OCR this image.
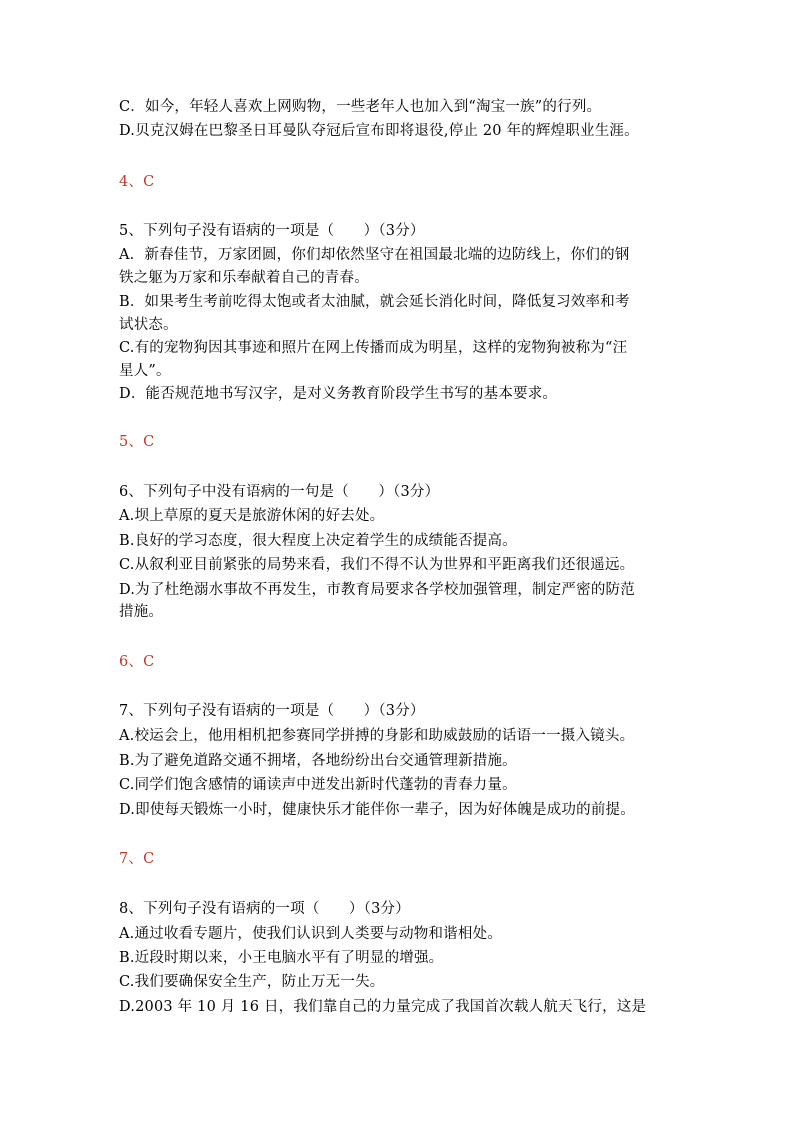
C．如今，年轻人喜欢上网购物，一些老年人也加入到“淘宝一族”的行列。
D.贝克汉姆在巴黎圣日耳曼队夺冠后宣布即将退役,停止 20 年的辉煌职业生涯。
4、C
5、下列句子没有语病的一项是（　　）（3分）
A．新春佳节，万家团圆，你们却依然坚守在祖国最北端的边防线上，你们的钢
铁之躯为万家和乐奉献着自己的青春。
B．如果考生考前吃得太饱或者太油腻，就会延长消化时间，降低复习效率和考
试状态。
C.有的宠物狗因其事迹和照片在网上传播而成为明星，这样的宠物狗被称为“汪
星人”。
D．能否规范地书写汉字，是对义务教育阶段学生书写的基本要求。
5、C
6、下列句子中没有语病的一句是（　　）（3分）
A.坝上草原的夏天是旅游休闲的好去处。
B.良好的学习态度，很大程度上决定着学生的成绩能否提高。
C.从叙利亚目前紧张的局势来看，我们不得不认为世界和平距离我们还很遥远。
D.为了杜绝溺水事故不再发生，市教育局要求各学校加强管理，制定严密的防范
措施。
6、C
7、下列句子没有语病的一项是（　　）（3分）
A.校运会上，他用相机把参赛同学拼搏的身影和助威鼓励的话语一一摄入镜头。
B.为了避免道路交通不拥堵，各地纷纷出台交通管理新措施。
C.同学们饱含感情的诵读声中迸发出新时代蓬勃的青春力量。
D.即使每天锻炼一小时，健康快乐才能伴你一辈子，因为好体魄是成功的前提。
7、C
8、下列句子没有语病的一项（　　）（3分）
A.通过收看专题片，使我们认识到人类要与动物和谐相处。
B.近段时期以来，小王电脑水平有了明显的增强。
C.我们要确保安全生产，防止万无一失。
D.2003 年 10 月 16 日，我们靠自己的力量完成了我国首次载人航天飞行，这是
